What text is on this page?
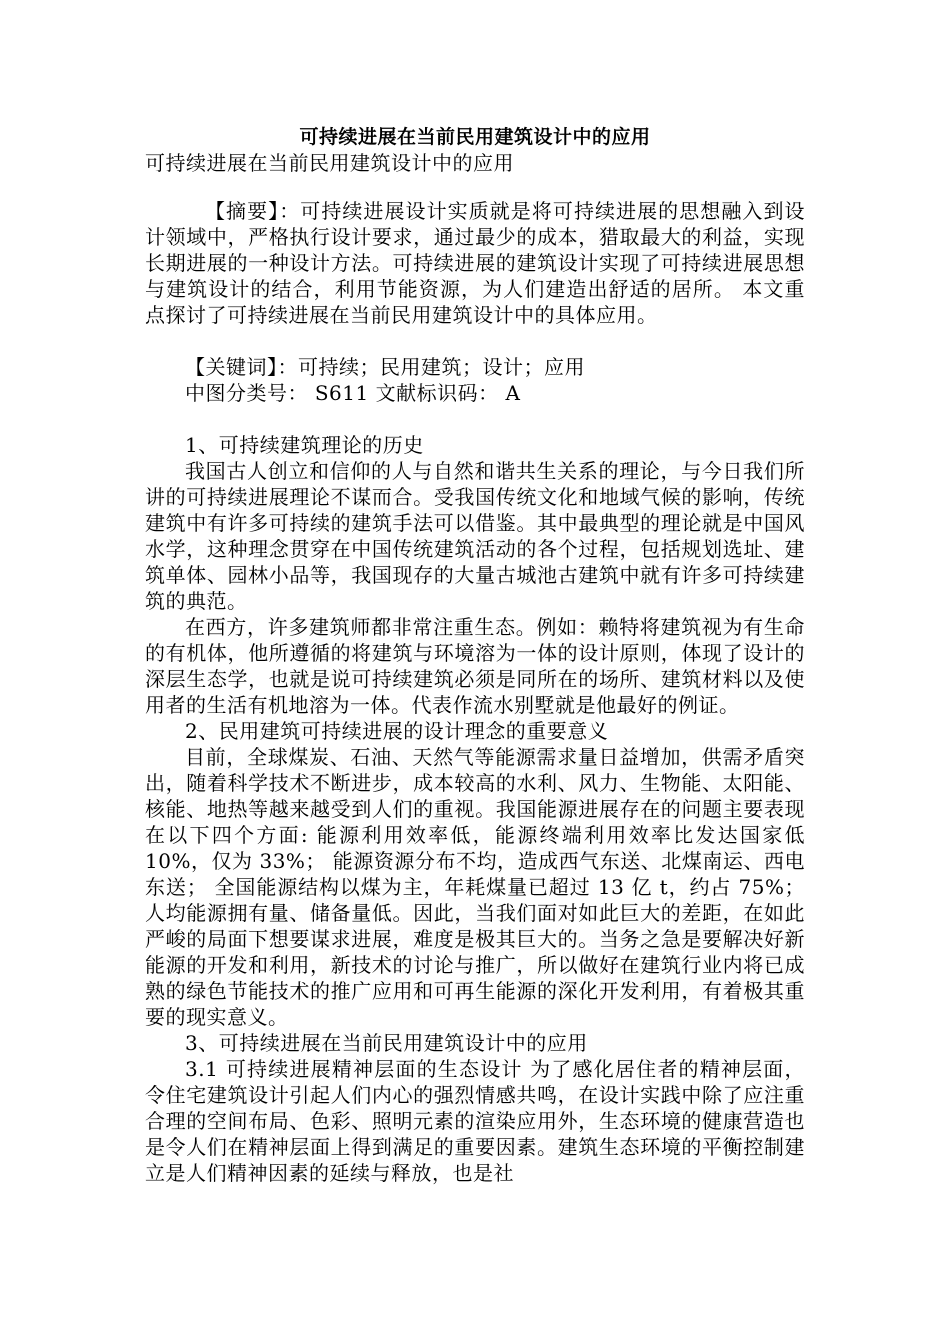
可持续进展在当前民用建筑设计中的应用

可持续进展在当前民用建筑设计中的应用

【摘要】：可持续进展设计实质就是将可持续进展的思想融入到设计领域中，严格执行设计要求，通过最少的成本，猎取最大的利益，实现长期进展的一种设计方法。可持续进展的建筑设计实现了可持续进展思想与建筑设计的结合，利用节能资源，为人们建造出舒适的居所。 本文重点探讨了可持续进展在当前民用建筑设计中的具体应用。

【关键词】：可持续；民用建筑；设计；应用

中图分类号： S611 文献标识码： A

1、可持续建筑理论的历史

我国古人创立和信仰的人与自然和谐共生关系的理论，与今日我们所讲的可持续进展理论不谋而合。受我国传统文化和地域气候的影响，传统建筑中有许多可持续的建筑手法可以借鉴。其中最典型的理论就是中国风水学，这种理念贯穿在中国传统建筑活动的各个过程，包括规划选址、建筑单体、园林小品等，我国现存的大量古城池古建筑中就有许多可持续建筑的典范。

在西方，许多建筑师都非常注重生态。例如：赖特将建筑视为有生命的有机体，他所遵循的将建筑与环境溶为一体的设计原则，体现了设计的深层生态学，也就是说可持续建筑必须是同所在的场所、建筑材料以及使用者的生活有机地溶为一体。代表作流水别墅就是他最好的例证。

2、民用建筑可持续进展的设计理念的重要意义

目前，全球煤炭、石油、天然气等能源需求量日益增加，供需矛盾突出，随着科学技术不断进步，成本较高的水利、风力、生物能、太阳能、核能、地热等越来越受到人们的重视。我国能源进展存在的问题主要表现在以下四个方面: 能源利用效率低，能源终端利用效率比发达国家低 10%，仅为 33%； 能源资源分布不均，造成西气东送、北煤南运、西电东送； 全国能源结构以煤为主，年耗煤量已超过 13 亿 t，约占 75%；人均能源拥有量、储备量低。因此，当我们面对如此巨大的差距，在如此严峻的局面下想要谋求进展，难度是极其巨大的。当务之急是要解决好新能源的开发和利用，新技术的讨论与推广，所以做好在建筑行业内将已成熟的绿色节能技术的推广应用和可再生能源的深化开发利用，有着极其重要的现实意义。

3、可持续进展在当前民用建筑设计中的应用

3.1 可持续进展精神层面的生态设计 为了感化居住者的精神层面，令住宅建筑设计引起人们内心的强烈情感共鸣，在设计实践中除了应注重合理的空间布局、色彩、照明元素的渲染应用外，生态环境的健康营造也是令人们在精神层面上得到满足的重要因素。建筑生态环境的平衡控制建立是人们精神因素的延续与释放，也是社
